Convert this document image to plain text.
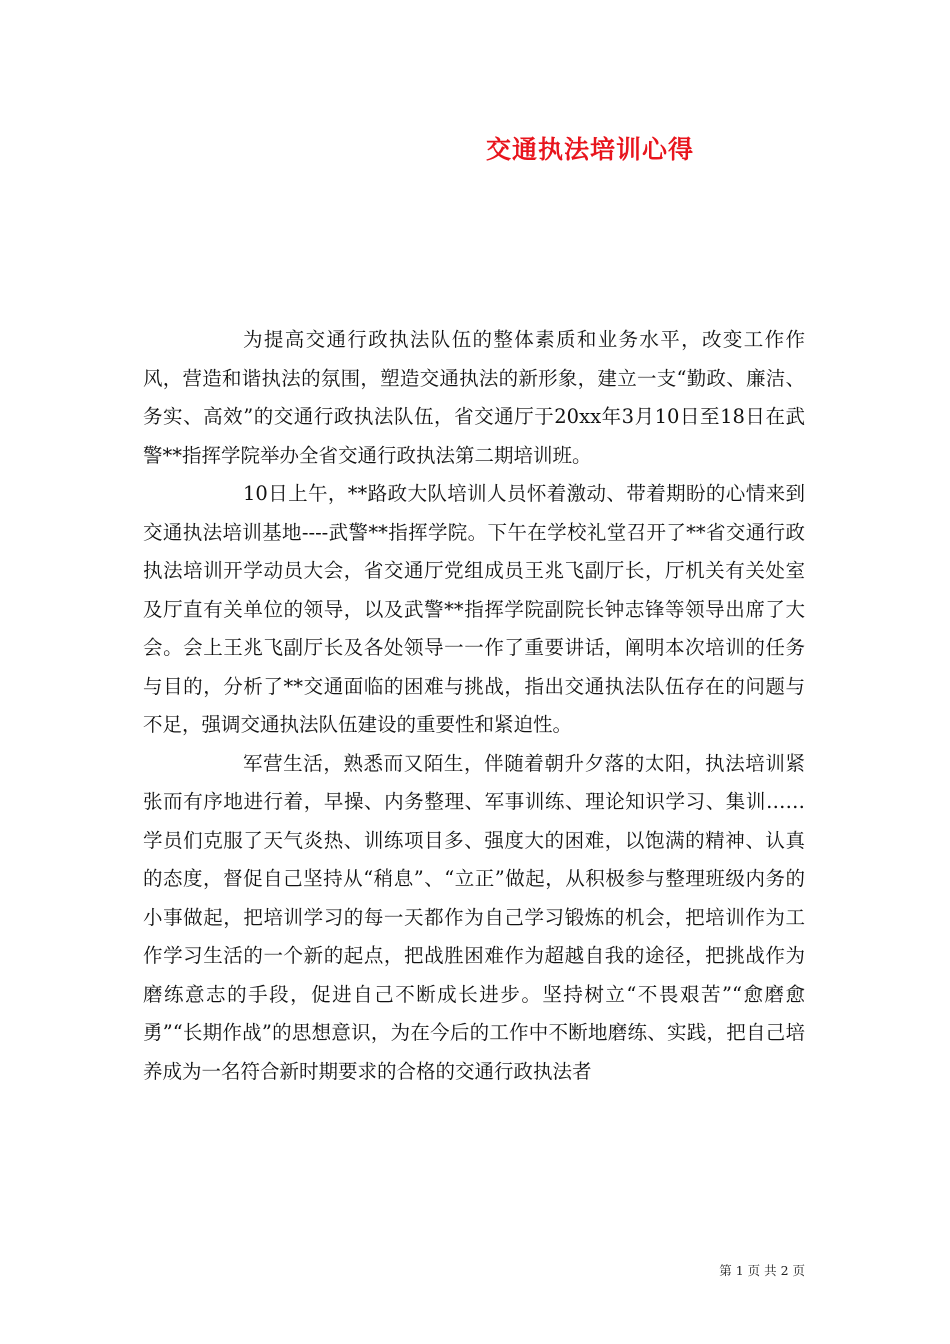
交通执法培训心得

为提高交通行政执法队伍的整体素质和业务水平，改变工作作风，营造和谐执法的氛围，塑造交通执法的新形象，建立一支“勤政、廉洁、务实、高效”的交通行政执法队伍，省交通厅于20xx年3月10日至18日在武警**指挥学院举办全省交通行政执法第二期培训班。

10日上午，**路政大队培训人员怀着激动、带着期盼的心情来到交通执法培训基地----武警**指挥学院。下午在学校礼堂召开了**省交通行政执法培训开学动员大会，省交通厅党组成员王兆飞副厅长，厅机关有关处室及厅直有关单位的领导，以及武警**指挥学院副院长钟志锋等领导出席了大会。会上王兆飞副厅长及各处领导一一作了重要讲话，阐明本次培训的任务与目的，分析了**交通面临的困难与挑战，指出交通执法队伍存在的问题与不足，强调交通执法队伍建设的重要性和紧迫性。

军营生活，熟悉而又陌生，伴随着朝升夕落的太阳，执法培训紧张而有序地进行着，早操、内务整理、军事训练、理论知识学习、集训……学员们克服了天气炎热、训练项目多、强度大的困难，以饱满的精神、认真的态度，督促自己坚持从“稍息”、“立正”做起，从积极参与整理班级内务的小事做起，把培训学习的每一天都作为自己学习锻炼的机会，把培训作为工作学习生活的一个新的起点，把战胜困难作为超越自我的途径，把挑战作为磨练意志的手段，促进自己不断成长进步。坚持树立“不畏艰苦”“愈磨愈勇”“长期作战”的思想意识，为在今后的工作中不断地磨练、实践，把自己培养成为一名符合新时期要求的合格的交通行政执法者

第 1 页 共 2 页
